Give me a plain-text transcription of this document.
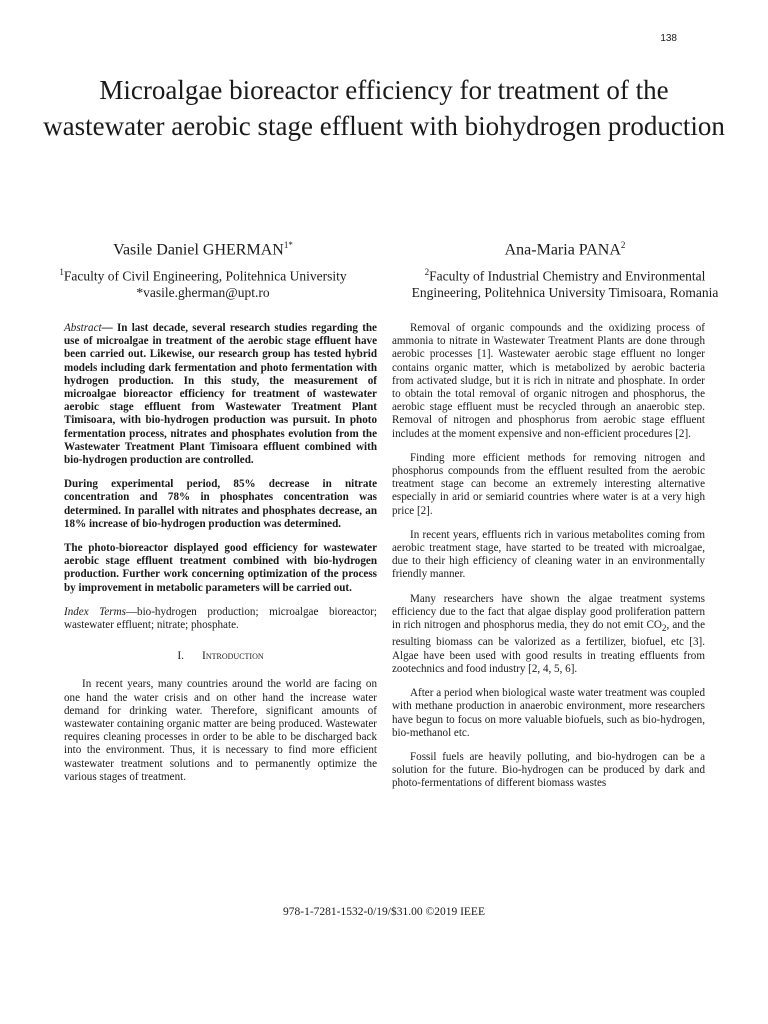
138
Microalgae bioreactor efficiency for treatment of the wastewater aerobic stage effluent with biohydrogen production
Vasile Daniel $GHERMAN^{1*}$
$^1$Faculty of Civil Engineering, Politehnica University
*vasile.gherman@upt.ro
Ana-Maria PANA$^2$
$^2$Faculty of Industrial Chemistry and Environmental Engineering, Politehnica University Timisoara, Romania

Abstract— In last decade, several research studies regarding the use of microalgae in treatment of the aerobic stage effluent have been carried out. Likewise, our research group has tested hybrid models including dark fermentation and photo fermentation with hydrogen production. In this study, the measurement of microalgae bioreactor efficiency for treatment of wastewater aerobic stage effluent from Wastewater Treatment Plant Timisoara, with bio-hydrogen production was pursuit. In photo fermentation process, nitrates and phosphates evolution from the Wastewater Treatment Plant Timisoara effluent combined with bio-hydrogen production are controlled.

During experimental period, 85% decrease in nitrate concentration and 78% in phosphates concentration was determined. In parallel with nitrates and phosphates decrease, an 18% increase of bio-hydrogen production was determined.

The photo-bioreactor displayed good efficiency for wastewater aerobic stage effluent treatment combined with bio-hydrogen production. Further work concerning optimization of the process by improvement in metabolic parameters will be carried out.

Index Terms—bio-hydrogen production; microalgae bioreactor; wastewater effluent; nitrate; phosphate.

I. Introduction

In recent years, many countries around the world are facing on one hand the water crisis and on other hand the increase water demand for drinking water. Therefore, significant amounts of wastewater containing organic matter are being produced. Wastewater requires cleaning processes in order to be able to be discharged back into the environment. Thus, it is necessary to find more efficient wastewater treatment solutions and to permanently optimize the various stages of treatment.

Removal of organic compounds and the oxidizing process of ammonia to nitrate in Wastewater Treatment Plants are done through aerobic processes [1]. Wastewater aerobic stage effluent no longer contains organic matter, which is metabolized by aerobic bacteria from activated sludge, but it is rich in nitrate and phosphate. In order to obtain the total removal of organic nitrogen and phosphorus, the aerobic stage effluent must be recycled through an anaerobic step. Removal of nitrogen and phosphorus from aerobic stage effluent includes at the moment expensive and non-efficient procedures [2].

Finding more efficient methods for removing nitrogen and phosphorus compounds from the effluent resulted from the aerobic treatment stage can become an extremely interesting alternative especially in arid or semiarid countries where water is at a very high price [2].

In recent years, effluents rich in various metabolites coming from aerobic treatment stage, have started to be treated with microalgae, due to their high efficiency of cleaning water in an environmentally friendly manner.

Many researchers have shown the algae treatment systems efficiency due to the fact that algae display good proliferation pattern in rich nitrogen and phosphorus media, they do not emit $CO_2$, and the resulting biomass can be valorized as a fertilizer, biofuel, etc [3]. Algae have been used with good results in treating effluents from zootechnics and food industry [2, 4, 5, 6].

After a period when biological waste water treatment was coupled with methane production in anaerobic environment, more researchers have begun to focus on more valuable biofuels, such as bio-hydrogen, bio-methanol etc.

Fossil fuels are heavily polluting, and bio-hydrogen can be a solution for the future. Bio-hydrogen can be produced by dark and photo-fermentations of different biomass wastes

978-1-7281-1532-0/19/$31.00 ©2019 IEEE
